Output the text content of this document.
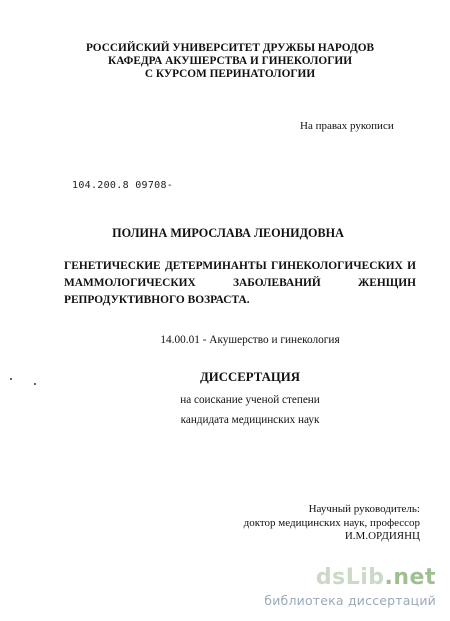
РОССИЙСКИЙ УНИВЕРСИТЕТ ДРУЖБЫ НАРОДОВ
КАФЕДРА АКУШЕРСТВА И ГИНЕКОЛОГИИ
С КУРСОМ ПЕРИНАТОЛОГИИ
На правах рукописи
104.200.8 09708-
ПОЛИНА МИРОСЛАВА ЛЕОНИДОВНА
ГЕНЕТИЧЕСКИЕ ДЕТЕРМИНАНТЫ ГИНЕКОЛОГИЧЕСКИХ И
МАММОЛОГИЧЕСКИХ	ЗАБОЛЕВАНИЙ	ЖЕНЩИН
РЕПРОДУКТИВНОГО ВОЗРАСТА.
14.00.01 - Акушерство и гинекология
ДИССЕРТАЦИЯ
на соискание ученой степени
кандидата медицинских наук
Научный руководитель:
доктор медицинских наук, профессор
И.М.ОРДИЯНЦ
dsLib.net
библиотека диссертаций
